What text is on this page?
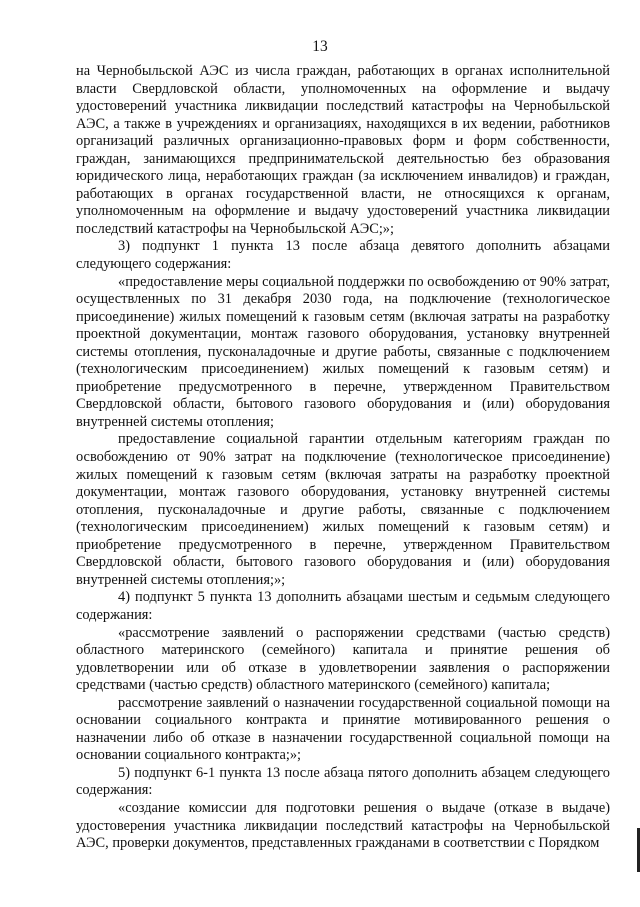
13

на Чернобыльской АЭС из числа граждан, работающих в органах исполнительной власти Свердловской области, уполномоченных на оформление и выдачу удостоверений участника ликвидации последствий катастрофы на Чернобыльской АЭС, а также в учреждениях и организациях, находящихся в их ведении, работников организаций различных организационно-правовых форм и форм собственности, граждан, занимающихся предпринимательской деятельностью без образования юридического лица, неработающих граждан (за исключением инвалидов) и граждан, работающих в органах государственной власти, не относящихся к органам, уполномоченным на оформление и выдачу удостоверений участника ликвидации последствий катастрофы на Чернобыльской АЭС;»;

3) подпункт 1 пункта 13 после абзаца девятого дополнить абзацами следующего содержания:

«предоставление меры социальной поддержки по освобождению от 90% затрат, осуществленных по 31 декабря 2030 года, на подключение (технологическое присоединение) жилых помещений к газовым сетям (включая затраты на разработку проектной документации, монтаж газового оборудования, установку внутренней системы отопления, пусконаладочные и другие работы, связанные с подключением (технологическим присоединением) жилых помещений к газовым сетям) и приобретение предусмотренного в перечне, утвержденном Правительством Свердловской области, бытового газового оборудования и (или) оборудования внутренней системы отопления;

предоставление социальной гарантии отдельным категориям граждан по освобождению от 90% затрат на подключение (технологическое присоединение) жилых помещений к газовым сетям (включая затраты на разработку проектной документации, монтаж газового оборудования, установку внутренней системы отопления, пусконаладочные и другие работы, связанные с подключением (технологическим присоединением) жилых помещений к газовым сетям) и приобретение предусмотренного в перечне, утвержденном Правительством Свердловской области, бытового газового оборудования и (или) оборудования внутренней системы отопления;»;

4) подпункт 5 пункта 13 дополнить абзацами шестым и седьмым следующего содержания:

«рассмотрение заявлений о распоряжении средствами (частью средств) областного материнского (семейного) капитала и принятие решения об удовлетворении или об отказе в удовлетворении заявления о распоряжении средствами (частью средств) областного материнского (семейного) капитала;

рассмотрение заявлений о назначении государственной социальной помощи на основании социального контракта и принятие мотивированного решения о назначении либо об отказе в назначении государственной социальной помощи на основании социального контракта;»;

5) подпункт 6-1 пункта 13 после абзаца пятого дополнить абзацем следующего содержания:

«создание комиссии для подготовки решения о выдаче (отказе в выдаче) удостоверения участника ликвидации последствий катастрофы на Чернобыльской АЭС, проверки документов, представленных гражданами в соответствии с Порядком
